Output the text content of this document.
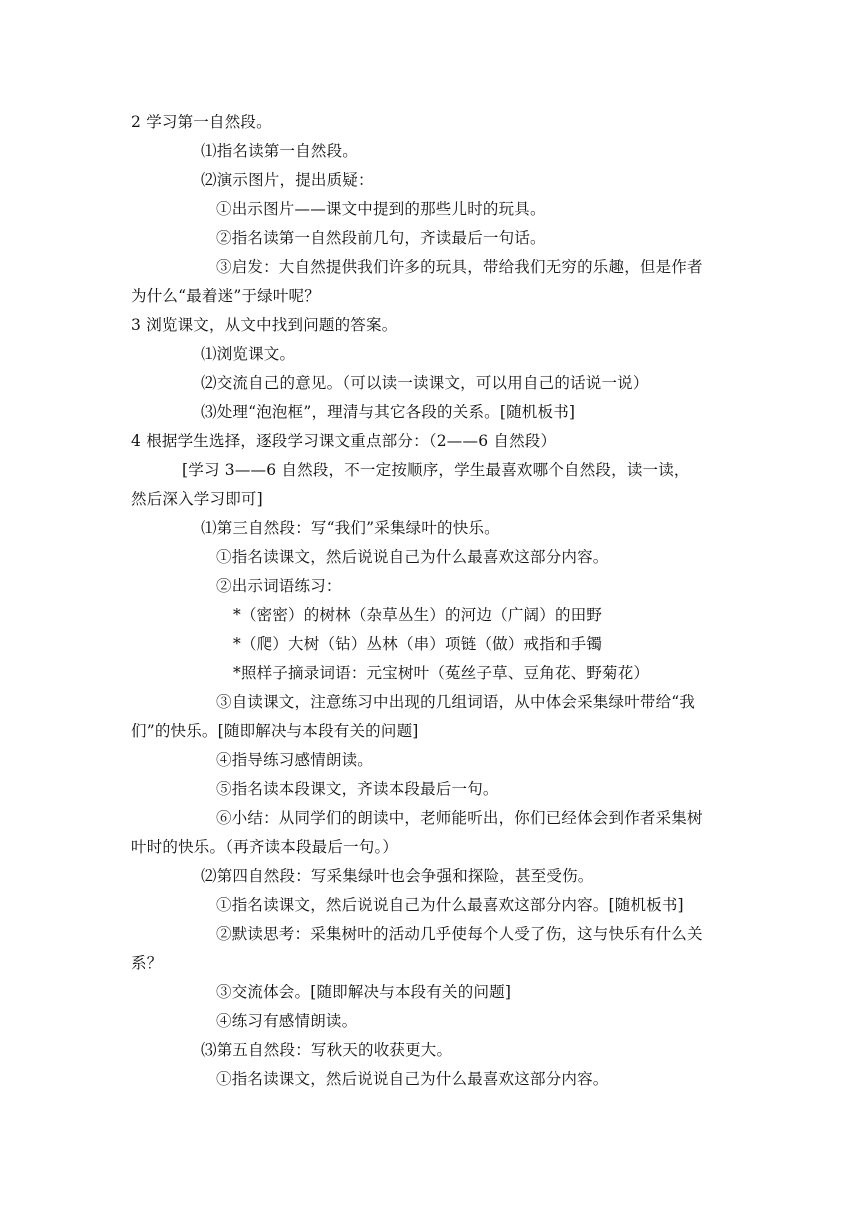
2 学习第一自然段。
⑴指名读第一自然段。
⑵演示图片，提出质疑：
①出示图片——课文中提到的那些儿时的玩具。
②指名读第一自然段前几句，齐读最后一句话。
③启发：大自然提供我们许多的玩具，带给我们无穷的乐趣，但是作者
为什么“最着迷”于绿叶呢？
3 浏览课文，从文中找到问题的答案。
⑴浏览课文。
⑵交流自己的意见。（可以读一读课文，可以用自己的话说一说）
⑶处理“泡泡框”，理清与其它各段的关系。[随机板书]
4 根据学生选择，逐段学习课文重点部分：（2——6 自然段）
[学习 3——6 自然段，不一定按顺序，学生最喜欢哪个自然段，读一读，
然后深入学习即可]
⑴第三自然段：写“我们”采集绿叶的快乐。
①指名读课文，然后说说自己为什么最喜欢这部分内容。
②出示词语练习：
*（密密）的树林（杂草丛生）的河边（广阔）的田野
*（爬）大树（钻）丛林（串）项链（做）戒指和手镯
*照样子摘录词语：元宝树叶（菟丝子草、豆角花、野菊花）
③自读课文，注意练习中出现的几组词语，从中体会采集绿叶带给“我
们”的快乐。[随即解决与本段有关的问题]
④指导练习感情朗读。
⑤指名读本段课文，齐读本段最后一句。
⑥小结：从同学们的朗读中，老师能听出，你们已经体会到作者采集树
叶时的快乐。（再齐读本段最后一句。）
⑵第四自然段：写采集绿叶也会争强和探险，甚至受伤。
①指名读课文，然后说说自己为什么最喜欢这部分内容。[随机板书]
②默读思考：采集树叶的活动几乎使每个人受了伤，这与快乐有什么关
系？
③交流体会。[随即解决与本段有关的问题]
④练习有感情朗读。
⑶第五自然段：写秋天的收获更大。
①指名读课文，然后说说自己为什么最喜欢这部分内容。
